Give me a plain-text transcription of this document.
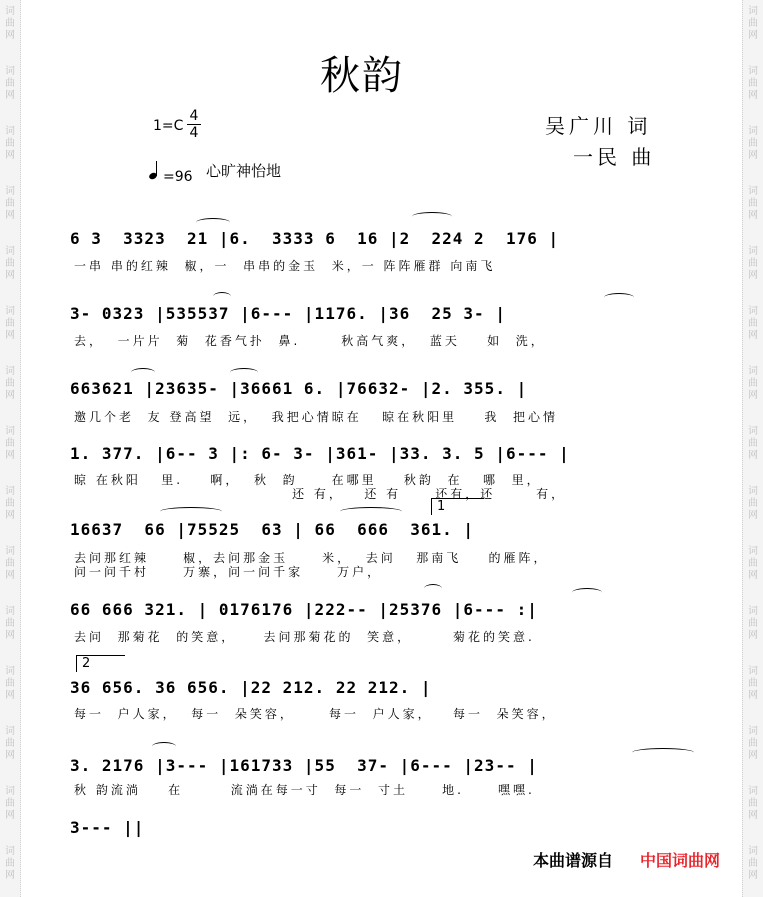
词
曲
网
词
曲
网
词
曲
网
词
曲
网
词
曲
网
词
曲
网
词
曲
网
词
曲
网
词
曲
网
词
曲
网
词
曲
网
词
曲
网
词
曲
网
词
曲
网
词
曲
网
词
曲
网
词
曲
网
词
曲
网
词
曲
网
词
曲
网
词
曲
网
词
曲
网
词
曲
网
词
曲
网
词
曲
网
词
曲
网
词
曲
网
词
曲
网
词
曲
网
词
曲
网
秋韵
1=C
4
4
=96 心旷神怡地
吴广川 词
一民 曲
6 3  3323  21 |6.  3333 6  16 |2  224 2  176 |
一串 串的红辣  椒，一  串串的金玉  米，一 阵阵雁群 向南飞
3- 0323 |535537 |6--- |1176. |36  25 3- |
去，  一片片  菊  花香气扑  鼻.      秋高气爽，  蓝天    如  洗，
663621 |23635- |36661 6. |76632- |2. 355. |
邀几个老  友 登高望  远，  我把心情晾在   晾在秋阳里    我  把心情
1. 377. |6-- 3 |: 6- 3- |361- |33. 3. 5 |6--- |
晾 在秋阳   里.    啊，  秋  韵     在哪里    秋韵  在   哪  里，
还 有，   还 有     还有，还      有，
1
16637  66 |75525  63 | 66  666  361. |
去问那红辣     椒，去问那金玉     米，  去问   那南飞    的雁阵，
问一问千村     万寨，问一问千家     万户，
66 666 321. | 0176176 |222-- |25376 |6--- :|
去问  那菊花  的笑意，    去问那菊花的  笑意，      菊花的笑意.
2
36 656. 36 656. |22 212. 22 212. |
每一  户人家，  每一  朵笑容，     每一  户人家，   每一  朵笑容，
3. 2176 |3--- |161733 |55  37- |6--- |23-- |
秋 韵流淌    在       流淌在每一寸  每一  寸土     地.     嘿嘿.
3--- ||
本曲谱源自 中国词曲网
